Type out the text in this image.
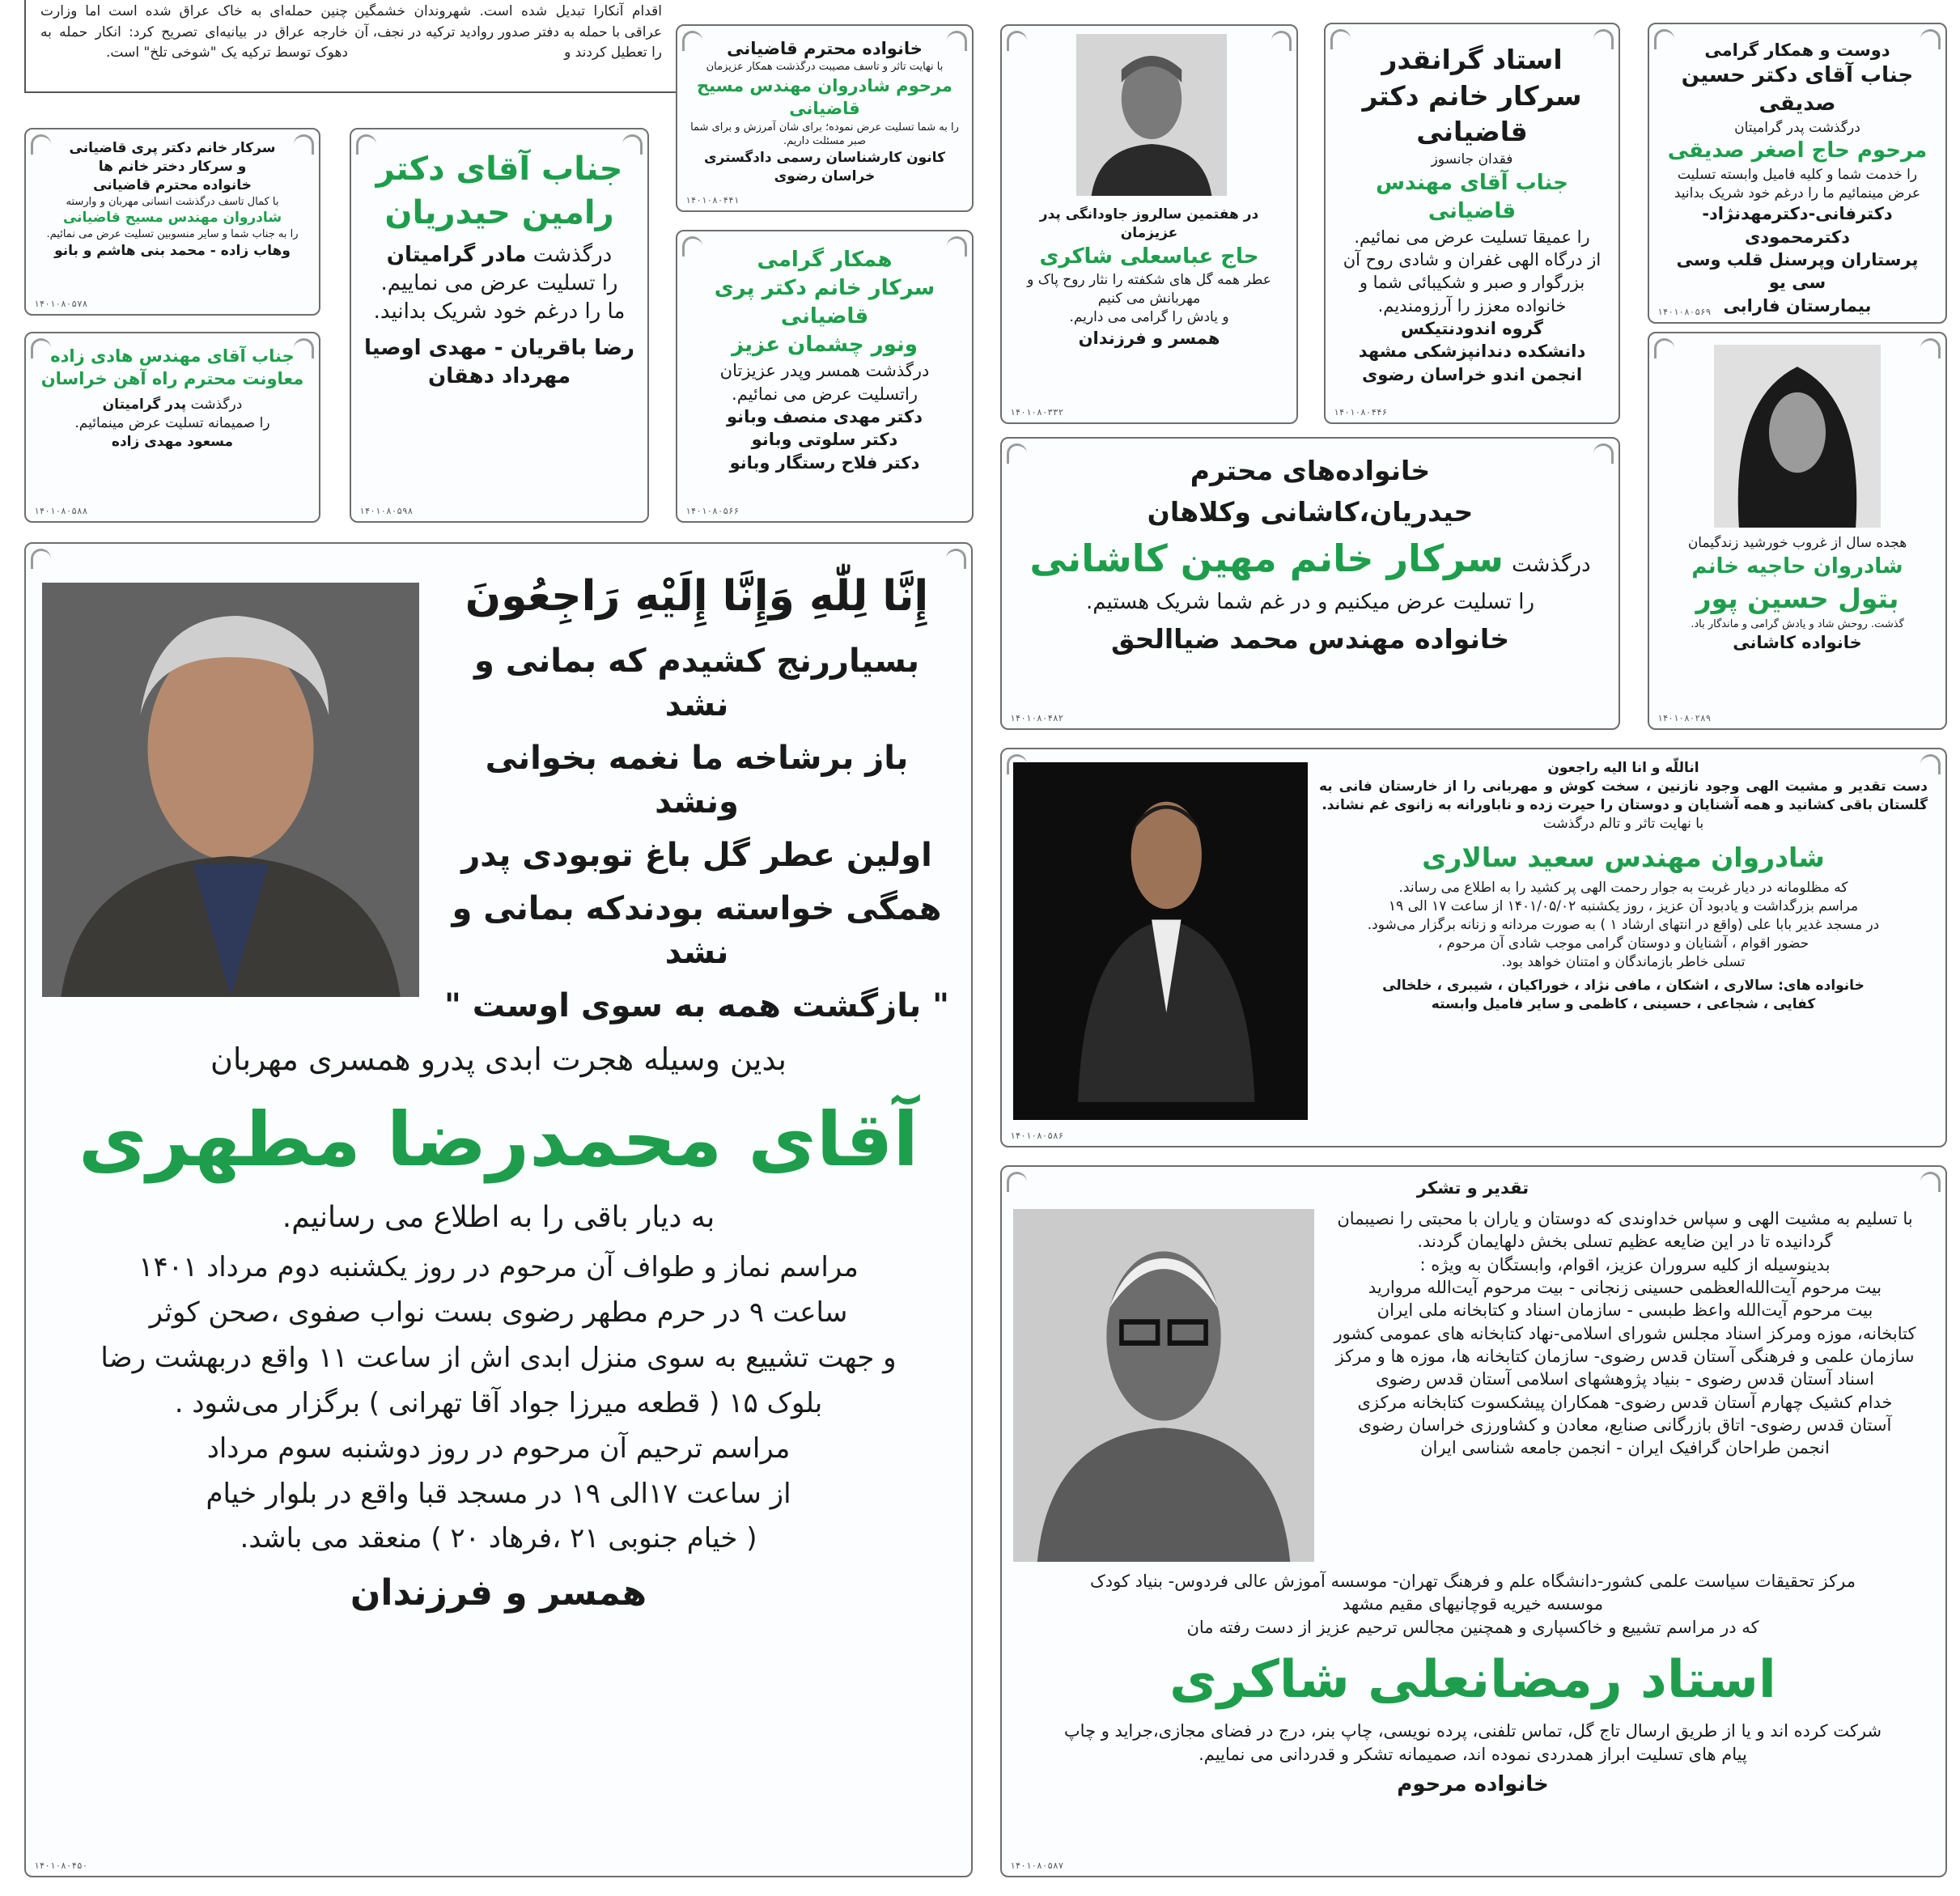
اقدام آنکارا تبدیل شده است. شهروندان خشمگین عراقی با حمله به دفتر صدور روادید ترکیه در نجف، آن را تعطیل کردند و
چنین حمله‌ای به خاک عراق شده است اما وزارت خارجه عراق در بیانیه‌ای تصریح کرد: انکار حمله به دهوک توسط ترکیه یک "شوخی تلخ" است.	دوست و همکار گرامی

جناب آقای دکتر حسین صدیقی

درگذشت پدر گرامیتان

مرحوم حاج اصغر صدیقی

را خدمت شما و کلیه فامیل وابسته تسلیت عرض مینمائیم ما را درغم خود شریک بدانید

دکترفانی-دکترمهدنژاد-دکترمحمودی

پرستاران وپرسنل قلب وسی سی یو

بیمارستان فارابی

۱۴۰۱۰۸۰۵۶۹

استاد گرانقدر

سرکار خانم دکتر قاضیانی

فقدان جانسوز

جناب آقای مهندس قاضیانی

را عمیقا تسلیت عرض می نمائیم.

از درگاه الهی غفران و شادی روح آن بزرگوار و صبر و شکیبائی شما و خانواده معزز را آرزومندیم.

گروه اندودنتیکس

دانشکده دندانپزشکی مشهد

انجمن اندو خراسان رضوی

۱۴۰۱۰۸۰۴۴۶

در هفتمین سالروز جاودانگی پدر عزیزمان

حاج عباسعلی شاکری

عطر همه گل های شکفته را نثار روح پاک و مهربانش می کنیم

و یادش را گرامی می داریم.

همسر و فرزندان

۱۴۰۱۰۸۰۳۳۲

خانواده محترم قاضیانی

با نهایت تاثر و تاسف مصیبت درگذشت همکار عزیزمان

مرحوم شادروان مهندس مسیح قاضیانی

را به شما تسلیت عرض نموده؛ برای شان آمرزش و برای شما صبر مسئلت داریم.

کانون کارشناسان رسمی دادگستری خراسان رضوی

۱۴۰۱۰۸۰۴۴۱

همکار گرامی

سرکار خانم دکتر پری قاضیانی

ونور چشمان عزیز

درگذشت همسر وپدر عزیزتان

راتسلیت عرض می نمائیم.

دکتر مهدی منصف وبانو

دکتر سلوتی وبانو

دکتر فلاح رستگار وبانو

۱۴۰۱۰۸۰۵۶۶

جناب آقای دکتر

رامین حیدریان

درگذشت مادر گرامیتان

را تسلیت عرض می نماییم.

ما را درغم خود شریک بدانید.

رضا باقریان - مهدی اوصیا

مهرداد دهقان

۱۴۰۱۰۸۰۵۹۸

سرکار خانم دکتر پری قاضیانی

و سرکار دختر خانم ها

خانواده محترم قاضیانی

با کمال تاسف درگذشت انسانی مهربان و وارسته

شادروان مهندس مسیح قاضیانی

را به جناب شما و سایر منسوبین تسلیت عرض می نمائیم.

وهاب زاده - محمد بنی هاشم و بانو

۱۴۰۱۰۸۰۵۷۸

جناب آقای مهندس هادی زاده

معاونت محترم راه آهن خراسان

درگذشت پدر گرامیتان

را صمیمانه تسلیت عرض مینمائیم.

مسعود مهدی زاده

۱۴۰۱۰۸۰۵۸۸

خانواده‌های محترم

حیدریان،کاشانی وکلاهان

درگذشت  سرکار خانم مهین کاشانی

را تسلیت عرض میکنیم و در غم شما شریک هستیم.

خانواده مهندس محمد ضیاالحق

۱۴۰۱۰۸۰۴۸۲

هجده سال از غروب خورشید زندگیمان

شادروان حاجیه خانم

بتول حسین پور

گذشت. روحش شاد و یادش گرامی و ماندگار باد.

خانواده کاشانی

۱۴۰۱۰۸۰۲۸۹

إِنَّا لِلّٰهِ وَإِنَّا إِلَيْهِ رَاجِعُونَ

بسیاررنج کشیدم که بمانی و نشد

باز برشاخه ما نغمه بخوانی ونشد

اولین عطر گل باغ توبودی پدر

همگی خواسته بودندکه بمانی و نشد

" بازگشت همه به سوی اوست "

بدین وسیله هجرت ابدی پدرو همسری مهربان

آقای محمدرضا مطهری

به دیار باقی را به اطلاع می رسانیم.

مراسم نماز و طواف آن مرحوم در روز یکشنبه دوم مرداد ۱۴۰۱

ساعت ۹ در حرم مطهر رضوی بست نواب صفوی ،صحن کوثر

و جهت تشییع به سوی منزل ابدی اش از ساعت ۱۱ واقع دربهشت رضا

بلوک ۱۵ ( قطعه میرزا جواد آقا تهرانی ) برگزار می‌شود .

مراسم ترحیم آن مرحوم در روز دوشنبه سوم مرداد

از ساعت ۱۷الی ۱۹ در مسجد قبا واقع در بلوار خیام

( خیام جنوبی ۲۱ ،فرهاد ۲۰ ) منعقد می باشد.

همسر و فرزندان

۱۴۰۱۰۸۰۴۵۰

اناللّه و انا الیه راجعون

دست تقدیر و مشیت الهی وجود نازنین ، سخت کوش و مهربانی را از خارستان فانی به گلستان باقی کشانید و همه آشنایان و دوستان را حیرت زده و ناباورانه به زانوی غم نشاند.

با نهایت تاثر و تالم درگذشت

شادروان مهندس سعید سالاری

که مظلومانه در دیار غربت به جوار رحمت الهی پر کشید را به اطلاع می رساند.

مراسم بزرگداشت و یادبود آن عزیز ، روز یکشنبه ۱۴۰۱/۰۵/۰۲ از ساعت ۱۷ الی ۱۹

در مسجد غدیر بابا علی (واقع در انتهای ارشاد ۱ ) به صورت مردانه و زنانه برگزار می‌شود.

حضور اقوام ، آشنایان و دوستان گرامی موجب شادی آن مرحوم ،

تسلی خاطر بازماندگان و امتنان خواهد بود.

خانواده های: سالاری ، اشکان ، مافی نژاد ، خوراکیان ، شیبری ، خلخالی

کفایی ، شجاعی ، حسینی ، کاظمی و سایر فامیل وابسته

۱۴۰۱۰۸۰۵۸۶

تقدیر و تشکر

با تسلیم به مشیت الهی و سپاس خداوندی که دوستان و یاران با محبتی را نصیبمان

گردانیده تا در این ضایعه عظیم تسلی بخش دلهایمان گردند.

بدینوسیله از کلیه سروران عزیز، اقوام، وابستگان به ویژه :

بیت مرحوم آیت‌الله‌العظمی حسینی زنجانی - بیت مرحوم آیت‌الله مروارید

بیت مرحوم آیت‌الله واعظ طبسی - سازمان اسناد و کتابخانه ملی ایران

کتابخانه، موزه ومرکز اسناد مجلس شورای اسلامی-نهاد کتابخانه های عمومی کشور

سازمان علمی و فرهنگی آستان قدس رضوی- سازمان کتابخانه ها، موزه ها و مرکز

اسناد آستان قدس رضوی - بنیاد پژوهشهای اسلامی آستان قدس رضوی

خدام کشیک چهارم آستان قدس رضوی- همکاران پیشکسوت کتابخانه مرکزی

آستان قدس رضوی- اتاق بازرگانی صنایع، معادن و کشاورزی خراسان رضوی

انجمن طراحان گرافیک ایران - انجمن جامعه شناسی ایران

مرکز تحقیقات سیاست علمی کشور-دانشگاه علم و فرهنگ تهران- موسسه آموزش عالی فردوس- بنیاد کودک

موسسه خیریه قوچانیهای مقیم مشهد

که در مراسم تشییع و خاکسپاری و همچنین مجالس ترحیم عزیز از دست رفته مان

استاد رمضانعلی شاکری

شرکت کرده اند و یا از طریق ارسال تاج گل، تماس تلفنی، پرده نویسی، چاپ بنر، درج در فضای مجازی،جراید و چاپ

پیام های تسلیت ابراز همدردی نموده اند، صمیمانه تشکر و قدردانی می نماییم.

خانواده مرحوم

۱۴۰۱۰۸۰۵۸۷
